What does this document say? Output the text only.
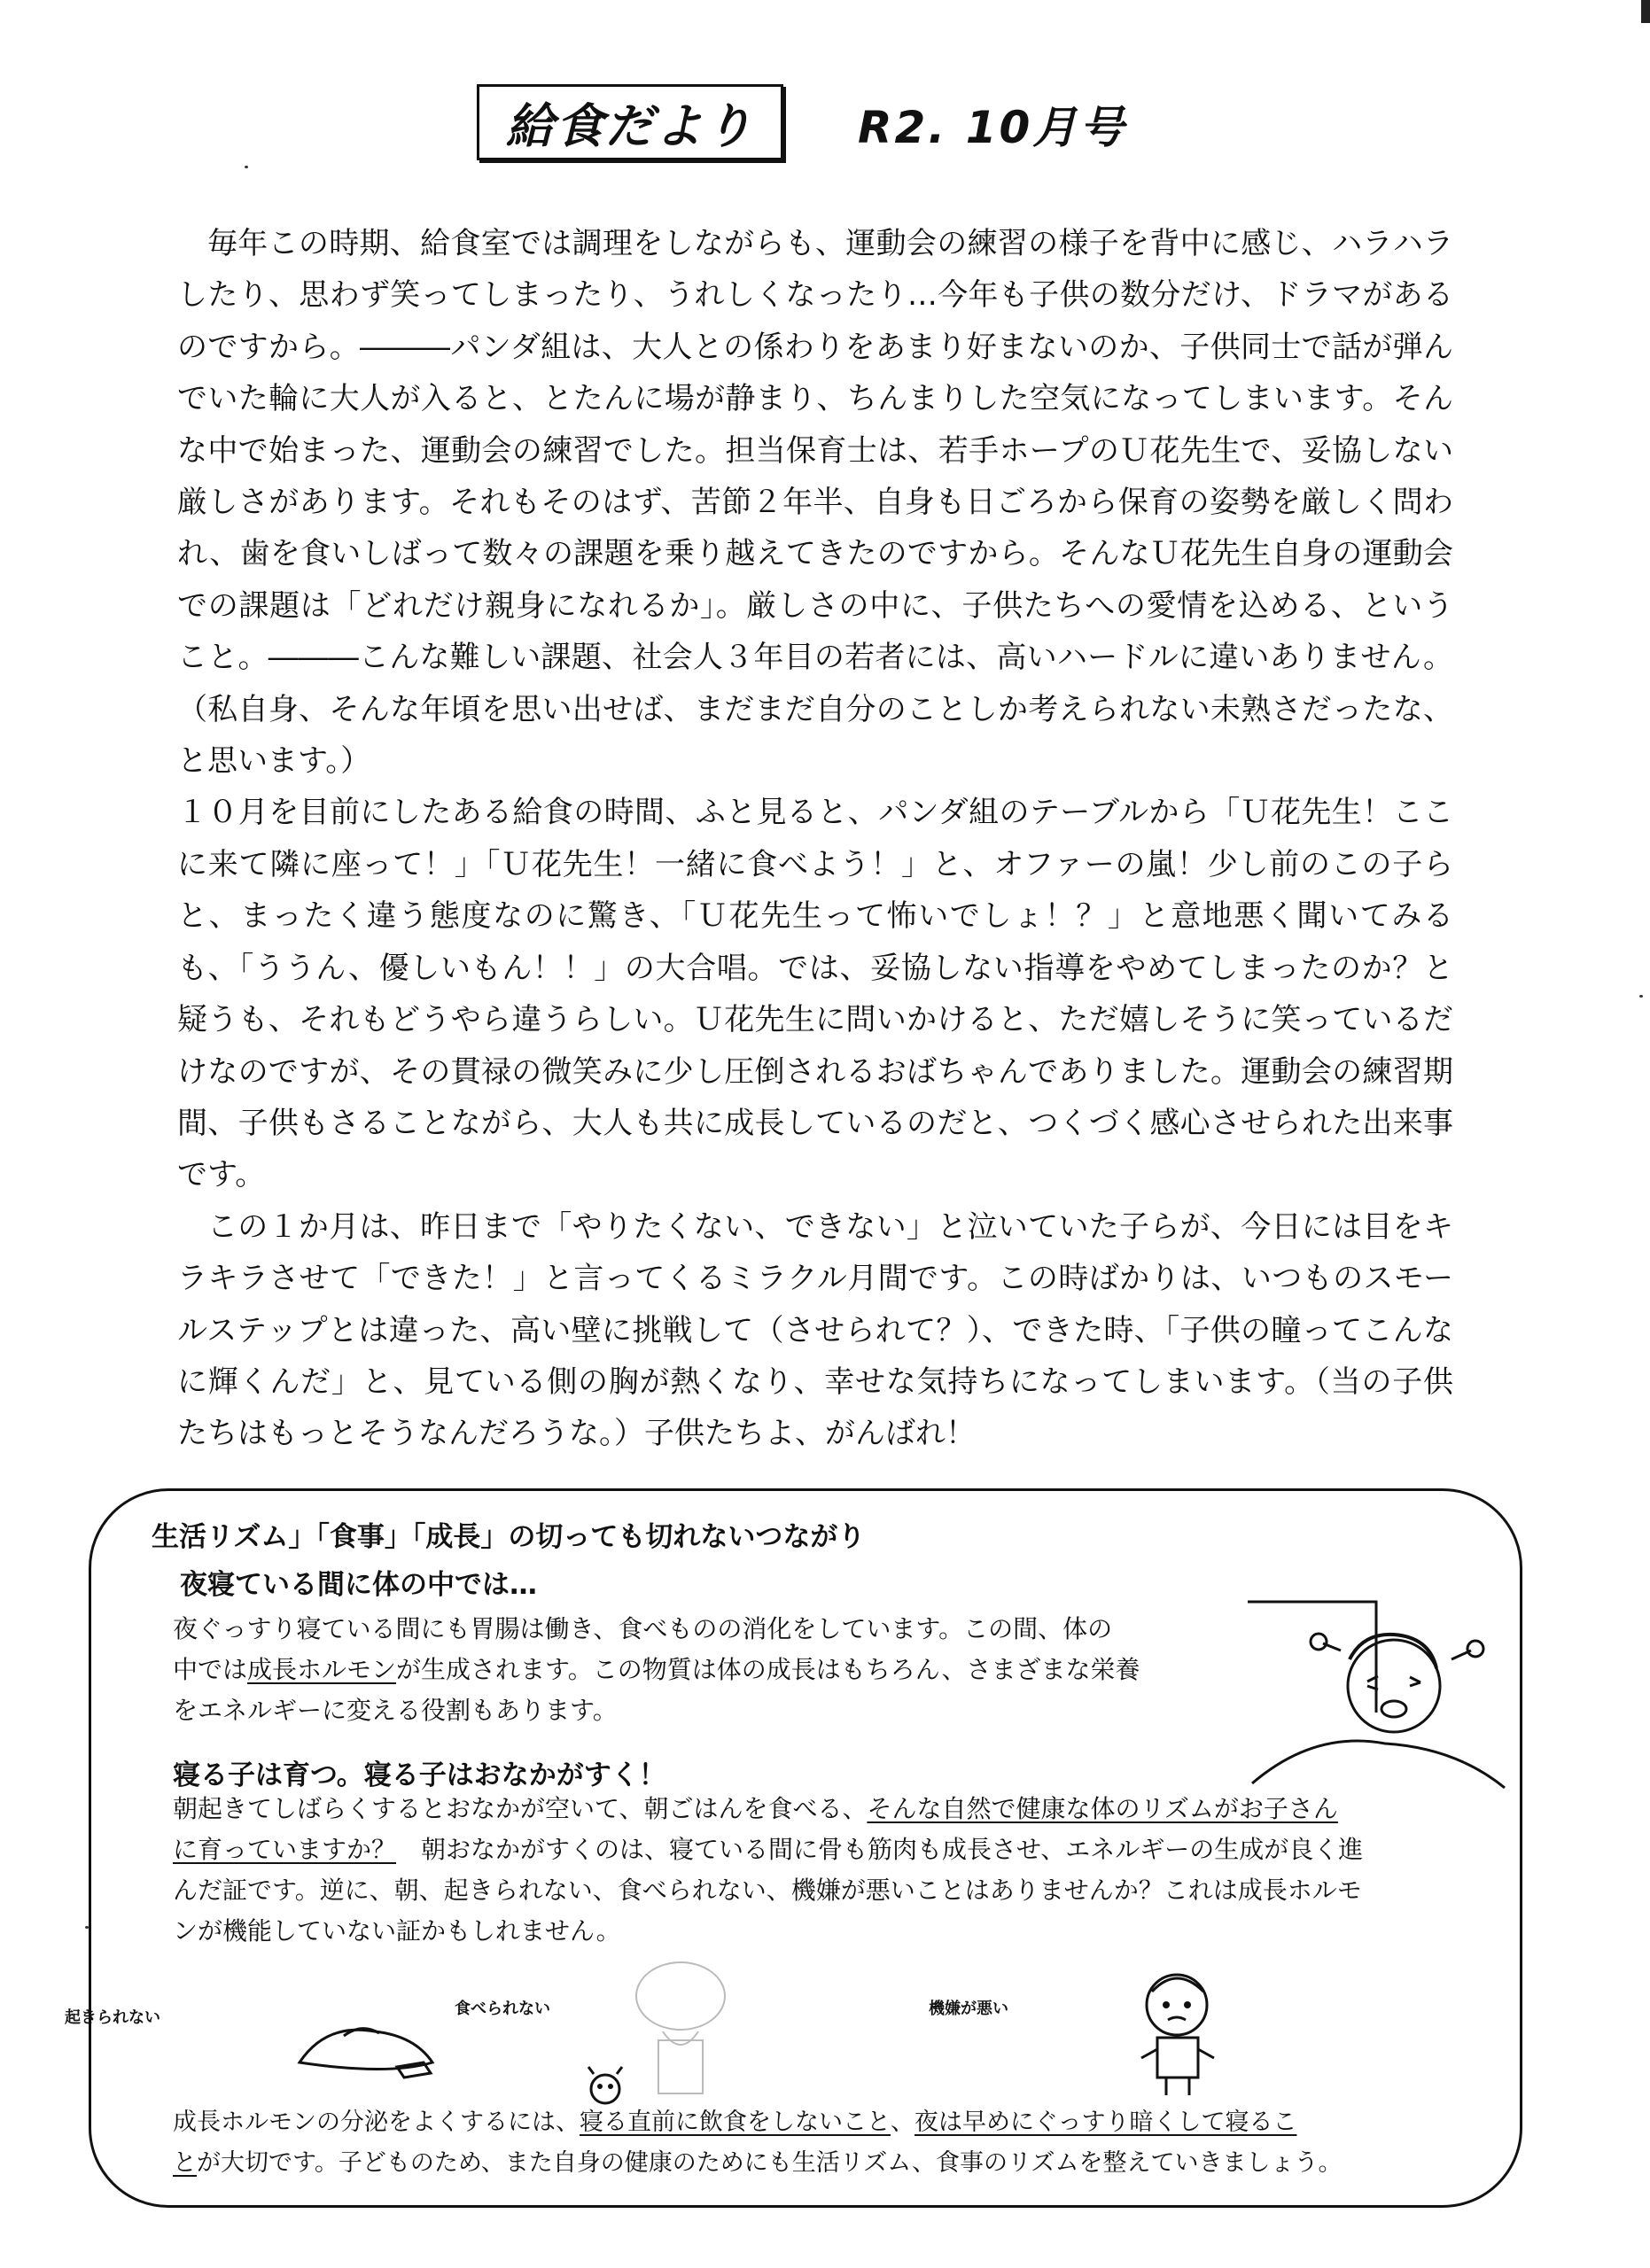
給食だより	R2. 10月号

毎年この時期、給食室では調理をしながらも、運動会の練習の様子を背中に感じ、ハラハラしたり、思わず笑ってしまったり、うれしくなったり…今年も子供の数分だけ、ドラマがあるのですから。―――パンダ組は、大人との係わりをあまり好まないのか、子供同士で話が弾んでいた輪に大人が入ると、とたんに場が静まり、ちんまりした空気になってしまいます。そんな中で始まった、運動会の練習でした。担当保育士は、若手ホープのＵ花先生で、妥協しない厳しさがあります。それもそのはず、苦節２年半、自身も日ごろから保育の姿勢を厳しく問われ、歯を食いしばって数々の課題を乗り越えてきたのですから。そんなＵ花先生自身の運動会での課題は「どれだけ親身になれるか」。厳しさの中に、子供たちへの愛情を込める、ということ。―――こんな難しい課題、社会人３年目の若者には、高いハードルに違いありません。（私自身、そんな年頃を思い出せば、まだまだ自分のことしか考えられない未熟さだったな、と思います。）

１０月を目前にしたある給食の時間、ふと見ると、パンダ組のテーブルから「Ｕ花先生！ここに来て隣に座って！」「Ｕ花先生！一緒に食べよう！」と、オファーの嵐！少し前のこの子らと、まったく違う態度なのに驚き、「Ｕ花先生って怖いでしょ！？」と意地悪く聞いてみるも、「ううん、優しいもん！！」の大合唱。では、妥協しない指導をやめてしまったのか？と疑うも、それもどうやら違うらしい。Ｕ花先生に問いかけると、ただ嬉しそうに笑っているだけなのですが、その貫禄の微笑みに少し圧倒されるおばちゃんでありました。運動会の練習期間、子供もさることながら、大人も共に成長しているのだと、つくづく感心させられた出来事です。

この１か月は、昨日まで「やりたくない、できない」と泣いていた子らが、今日には目をキラキラさせて「できた！」と言ってくるミラクル月間です。この時ばかりは、いつものスモールステップとは違った、高い壁に挑戦して（させられて？）、できた時、「子供の瞳ってこんなに輝くんだ」と、見ている側の胸が熱くなり、幸せな気持ちになってしまいます。（当の子供たちはもっとそうなんだろうな。）子供たちよ、がんばれ！

生活リズム」「食事」「成長」の切っても切れないつながり
夜寝ている間に体の中では…

夜ぐっすり寝ている間にも胃腸は働き、食べものの消化をしています。この間、体の
中では成長ホルモンが生成されます。この物質は体の成長はもちろん、さまざまな栄養
をエネルギーに変える役割もあります。

寝る子は育つ。寝る子はおなかがすく！

朝起きてしばらくするとおなかが空いて、朝ごはんを食べる、そんな自然で健康な体のリズムがお子さん
に育っていますか？　 朝おなかがすくのは、寝ている間に骨も筋肉も成長させ、エネルギーの生成が良く進
んだ証です。逆に、朝、起きられない、食べられない、機嫌が悪いことはありませんか？これは成長ホルモ
ンが機能していない証かもしれません。

起きられない	食べられない	機嫌が悪い

成長ホルモンの分泌をよくするには、寝る直前に飲食をしないこと、夜は早めにぐっすり暗くして寝るこ
とが大切です。子どものため、また自身の健康のためにも生活リズム、食事のリズムを整えていきましょう。
